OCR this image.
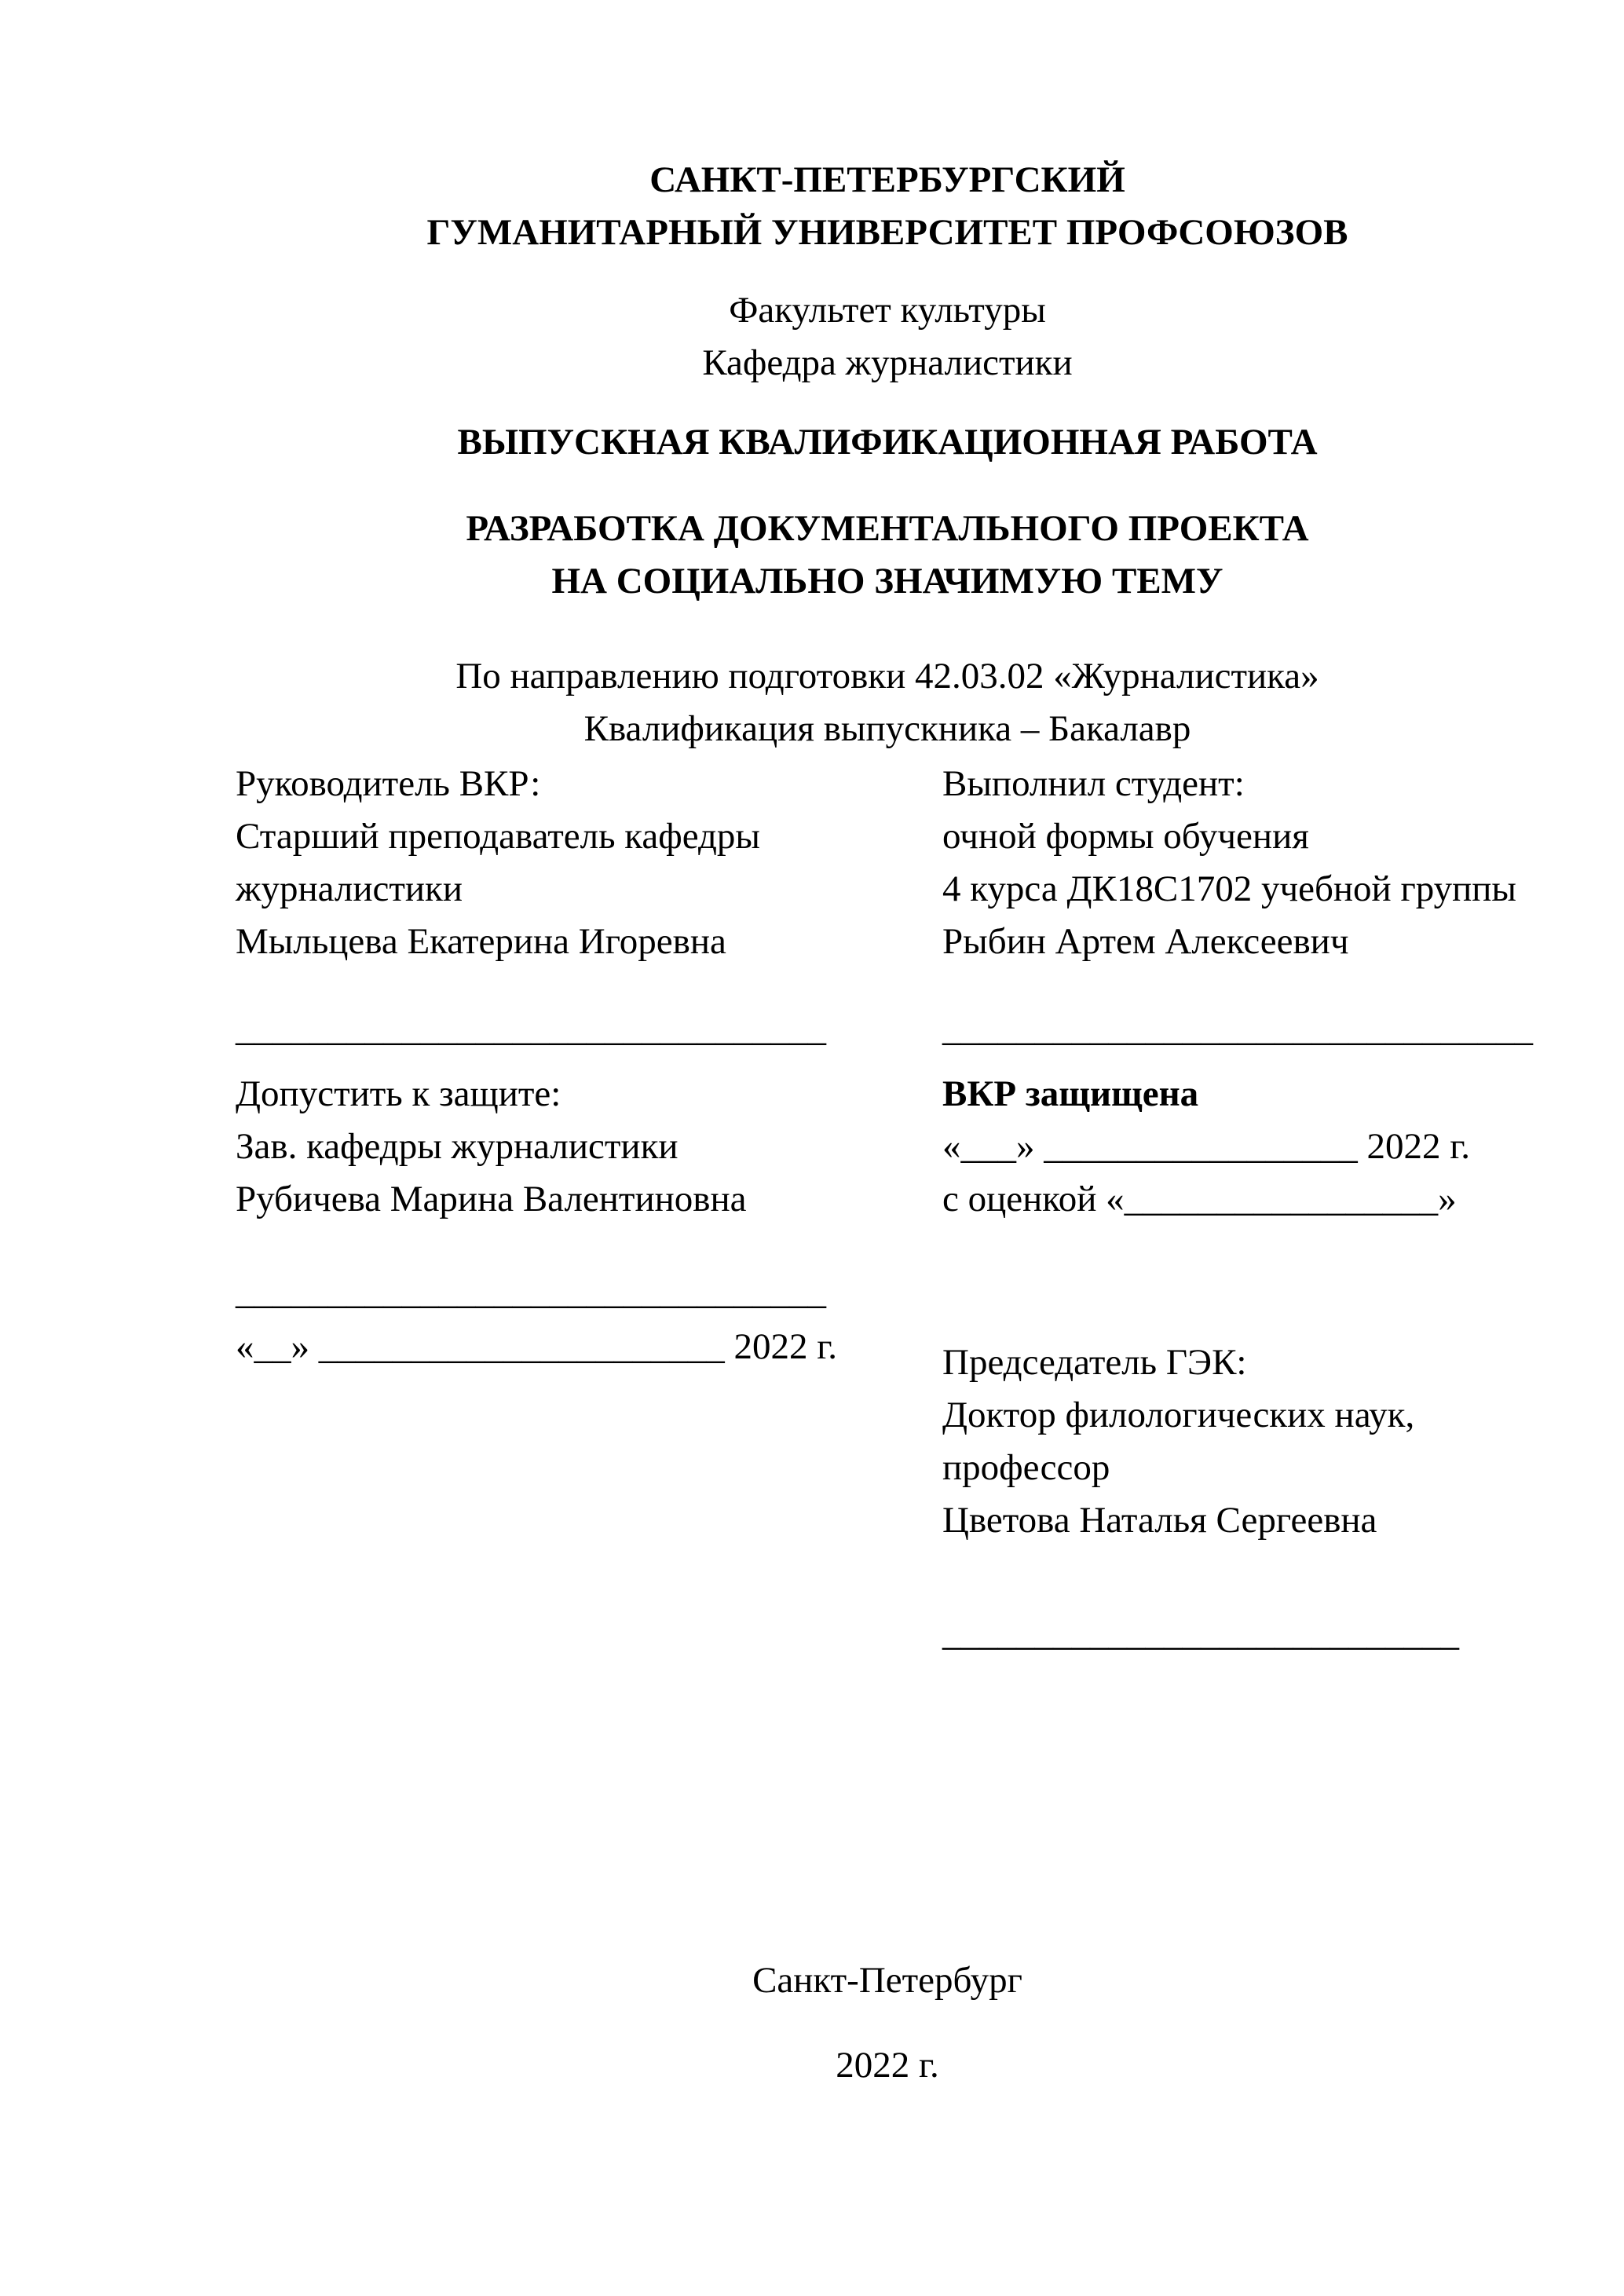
САНКТ-ПЕТЕРБУРГСКИЙ
ГУМАНИТАРНЫЙ УНИВЕРСИТЕТ ПРОФСОЮЗОВ
Факультет культуры
Кафедра журналистики
ВЫПУСКНАЯ КВАЛИФИКАЦИОННАЯ РАБОТА
РАЗРАБОТКА ДОКУМЕНТАЛЬНОГО ПРОЕКТА
НА СОЦИАЛЬНО ЗНАЧИМУЮ ТЕМУ
По направлению подготовки 42.03.02 «Журналистика»
Квалификация выпускника – Бакалавр
Руководитель ВКР:
Старший преподаватель кафедры
журналистики
Мыльцева Екатерина Игоревна
Выполнил студент:
очной формы обучения
4 курса ДК18С1702 учебной группы
Рыбин Артем Алексеевич
________________________________	________________________________
Допустить к защите:
Зав. кафедры журналистики
Рубичева Марина Валентиновна
ВКР защищена
«___» _________________ 2022 г.
с оценкой «_________________»
________________________________
«__» ______________________ 2022 г.	Председатель ГЭК:
Доктор филологических наук,
профессор
Цветова Наталья Сергеевна
____________________________
Санкт-Петербург
2022 г.
